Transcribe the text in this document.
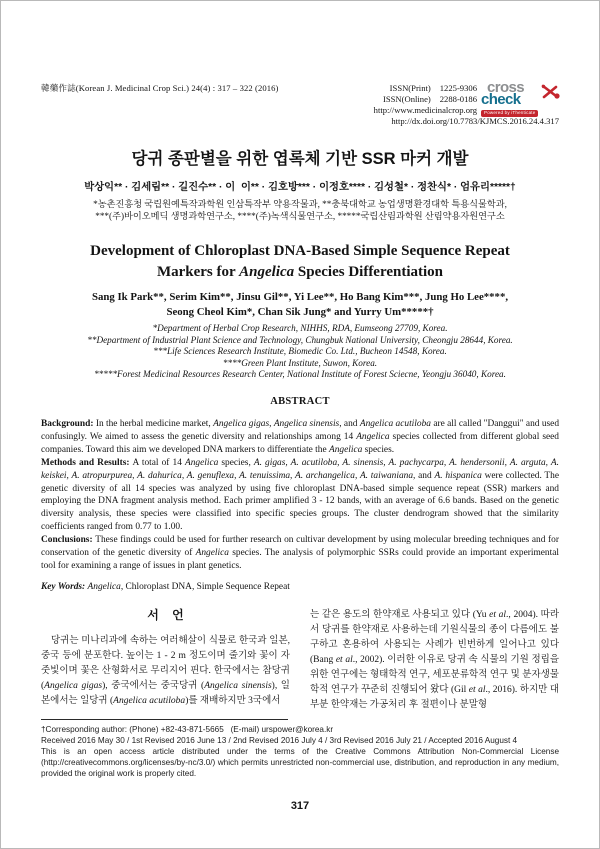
韓藥作誌(Korean J. Medicinal Crop Sci.) 24(4) : 317 – 322 (2016)	ISSN(Print) 1225-9306
ISSN(Online) 2288-0186
http://www.medicinalcrop.org
http://dx.doi.org/10.7783/KJMCS.2016.24.4.317
cross
check
Powered by iThenticate
당귀 종판별을 위한 엽록체 기반 SSR 마커 개발
박상익** · 김세림** · 길진수** · 이  이** · 김호방*** · 이정호**** · 김성철* · 정찬식* · 엄유리*****†
*농촌진흥청 국립원예특작과학원 인삼특작부 약용작물과, **충북대학교 농업생명환경대학 특용식물학과,
***(주)바이오메딕 생명과학연구소, ****(주)녹색식물연구소, *****국립산림과학원 산림약용자원연구소
Development of Chloroplast DNA-Based Simple Sequence Repeat
Markers for Angelica Species Differentiation
Sang Ik Park**, Serim Kim**, Jinsu Gil**, Yi Lee**, Ho Bang Kim***, Jung Ho Lee****,
Seong Cheol Kim*, Chan Sik Jung* and Yurry Um*****†
*Department of Herbal Crop Research, NIHHS, RDA, Eumseong 27709, Korea.
**Department of Industrial Plant Science and Technology, Chungbuk National University, Cheongju 28644, Korea.
***Life Sciences Research Institute, Biomedic Co. Ltd., Bucheon 14548, Korea.
****Green Plant Institute, Suwon, Korea.
*****Forest Medicinal Resources Research Center, National Institute of Forest Sciecne, Yeongju 36040, Korea.
ABSTRACT

Background: In the herbal medicine market, Angelica gigas, Angelica sinensis, and Angelica acutiloba are all called "Danggui" and used confusingly. We aimed to assess the genetic diversity and relationships among 14 Angelica species collected from different global seed companies. Toward this aim we developed DNA markers to differentiate the Angelica species.

Methods and Results: A total of 14 Angelica species, A. gigas, A. acutiloba, A. sinensis, A. pachycarpa, A. hendersonii, A. arguta, A. keiskei, A. atropurpurea, A. dahurica, A. genuflexa, A. tenuissima, A. archangelica, A. taiwaniana, and A. hispanica were collected. The genetic diversity of all 14 species was analyzed by using five chloroplast DNA-based simple sequence repeat (SSR) markers and employing the DNA fragment analysis method. Each primer amplified 3 - 12 bands, with an average of 6.6 bands. Based on the genetic diversity analysis, these species were classified into specific species groups. The cluster dendrogram showed that the similarity coefficients ranged from 0.77 to 1.00.

Conclusions: These findings could be used for further research on cultivar development by using molecular breeding techniques and for conservation of the genetic diversity of Angelica species. The analysis of polymorphic SSRs could provide an important experimental tool for examining a range of issues in plant genetics.

Key Words: Angelica, Chloroplast DNA, Simple Sequence Repeat

서    언

당귀는 미나리과에 속하는 여러해살이 식물로 한국과 일본, 중국 등에 분포한다. 높이는 1 - 2 m 정도이며 줄기와 꽃이 자줏빛이며 꽃은 산형화서로 무리지어 핀다. 한국에서는 참당귀 (Angelica gigas), 중국에서는 중국당귀 (Angelica sinensis), 일본에서는 일당귀 (Angelica acutiloba)를 재배하지만 3국에서

는 같은 용도의 한약재로 사용되고 있다 (Yu et al., 2004). 따라서 당귀를 한약재로 사용하는데 기원식물의 종이 다름에도 불구하고 혼용하여 사용되는 사례가 빈번하게 일어나고 있다 (Bang et al., 2002). 이러한 이유로 당귀 속 식물의 기원 정립을 위한 연구에는 형태학적 연구, 세포분류학적 연구 및 분자생물학적 연구가 꾸준히 진행되어 왔다 (Gil et al., 2016). 하지만 대부분 한약재는 가공처리 후 절편이나 분말형

†Corresponding author: (Phone) +82-43-871-5665   (E-mail) urspower@korea.kr
Received 2016 May 30 / 1st Revised 2016 June 13 / 2nd Revised 2016 July 4 / 3rd Revised 2016 July 21 / Accepted 2016 August 4

This is an open access article distributed under the terms of the Creative Commons Attribution Non-Commercial License (http://creativecommons.org/licenses/by-nc/3.0/) which permits unrestricted non-commercial use, distribution, and reproduction in any medium, provided the original work is properly cited.

317
